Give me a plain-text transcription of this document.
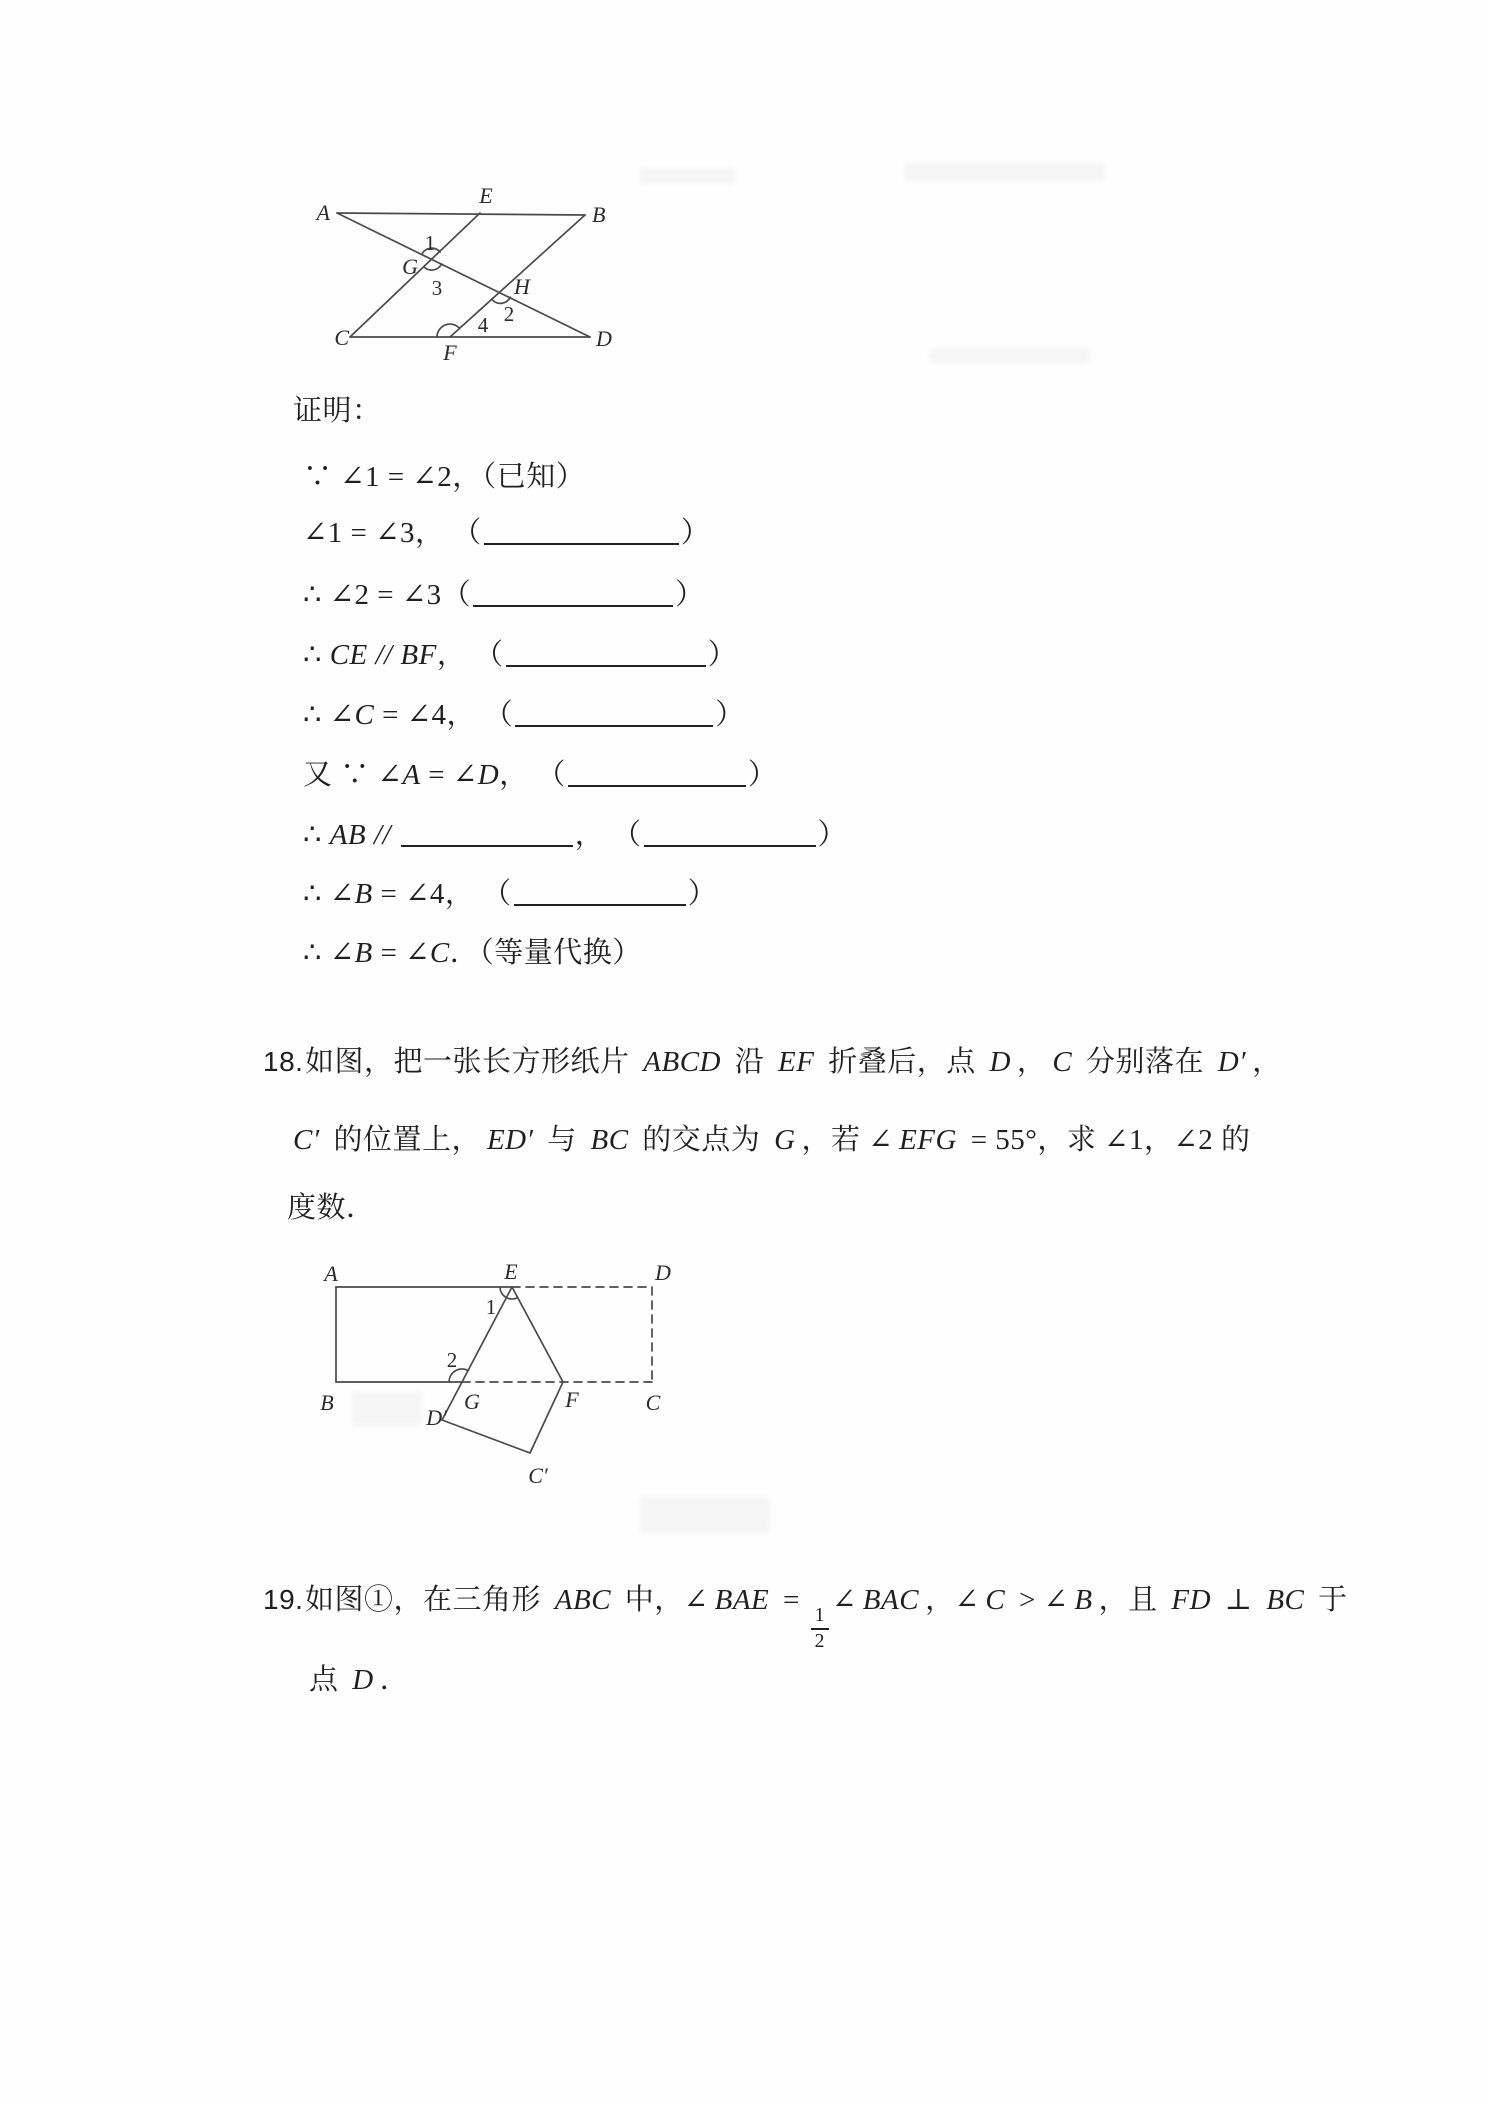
A
E
B
1
G
3	H
2
4
C
F
D
证明：
∵ ∠1 = ∠2，（已知）
∠1 = ∠3， （	）
∴ ∠2 = ∠3（	）
∴ CE // BF， （	）
∴ ∠C = ∠4， （	）
又 ∵ ∠A = ∠D， （	）
∴ AB //	， （	）
∴ ∠B = ∠4， （	）
∴ ∠B = ∠C．（等量代换）
18. 如图，把一张长方形纸片 ABCD 沿 EF 折叠后，点 D ， C 分别落在 D′ ，
C′ 的位置上， ED′ 与 BC 的交点为 G ，若 ∠ EFG = 55°，求 ∠1，∠2 的
度数．
A	E	D
1
2
B
D′
G	F	C
C′
19. 如图①，在三角形 ABC 中，∠ BAE =
$\frac{1}{2}$
∠ BAC ，∠ C > ∠ B ，且 FD ⊥ BC 于
点 D ．
